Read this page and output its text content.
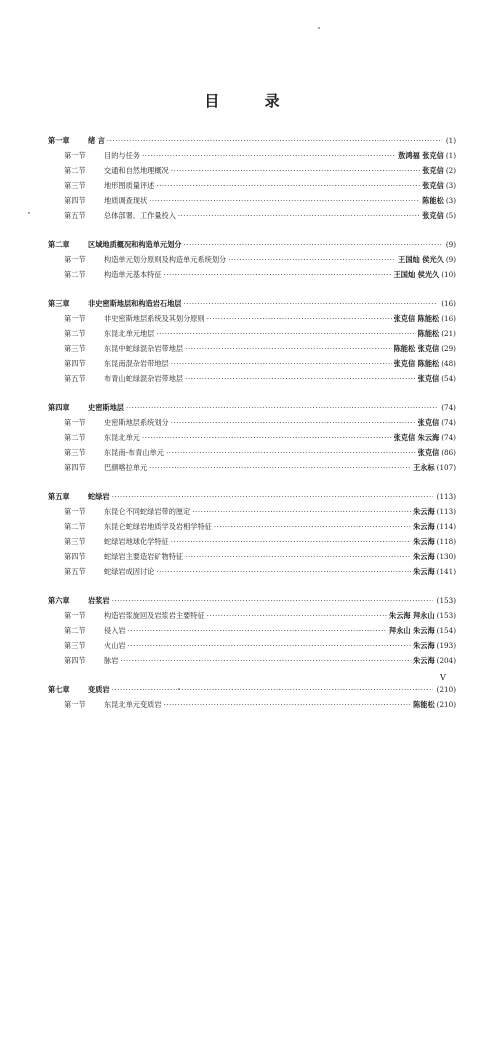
目 录
第一章	绪 言 ·····	(1)
第一节	目的与任务 ·····	敖鸿福 张克信 (1)
第二节	交通和自然地理概况 ·····	张克信 (2)
第三节	地形图质量评述 ·····	张克信 (3)
第四节	地质调查现状 ·····	陈能松 (3)
第五节	总体部署、工作量投入 ·····	张克信 (5)
第二章	区域地质概况和构造单元划分 ·····	(9)
第一节	构造单元划分原则及构造单元系统划分 ·····	王国灿 侯光久 (9)
第二节	构造单元基本特征 ·····	王国灿 侯光久 (10)
第三章	非史密斯地层和构造岩石地层 ·····	(16)
第一节	非史密斯地层系统及其划分原则 ·····	张克信 陈能松 (16)
第二节	东昆北单元地层 ·····	陈能松 (21)
第三节	东昆中蛇绿混杂岩带地层 ·····	陈能松 张克信 (29)
第四节	东昆南混杂岩带地层 ·····	张克信 陈能松 (48)
第五节	布青山蛇绿混杂岩带地层 ·····	张克信 (54)
第四章	史密斯地层 ·····	(74)
第一节	史密斯地层系统划分 ·····	张克信 (74)
第二节	东昆北单元 ·····	张克信 朱云海 (74)
第三节	东昆南-布青山单元 ·····	张克信 (86)
第四节	巴颜喀拉单元 ·····	王永标 (107)
第五章	蛇绿岩 ·····	(113)
第一节	东昆仑不同蛇绿岩带的厘定 ·····	朱云海 (113)
第二节	东昆仑蛇绿岩地质学及岩相学特征 ·····	朱云海 (114)
第三节	蛇绿岩地球化学特征 ·····	朱云海 (118)
第四节	蛇绿岩主要造岩矿物特征 ·····	朱云海 (130)
第五节	蛇绿岩成因讨论 ·····	朱云海 (141)
第六章	岩浆岩 ·····	(153)
第一节	构造岩浆旋回及岩浆岩主要特征 ·····	朱云海 拜永山 (153)
第二节	侵入岩 ·····	拜永山 朱云海 (154)
第三节	火山岩 ·····	朱云海 (193)
第四节	脉岩 ·····	朱云海 (204)
第七章	变质岩 ·····	(210)
第一节	东昆北单元变质岩 ·····	陈能松 (210)
V
